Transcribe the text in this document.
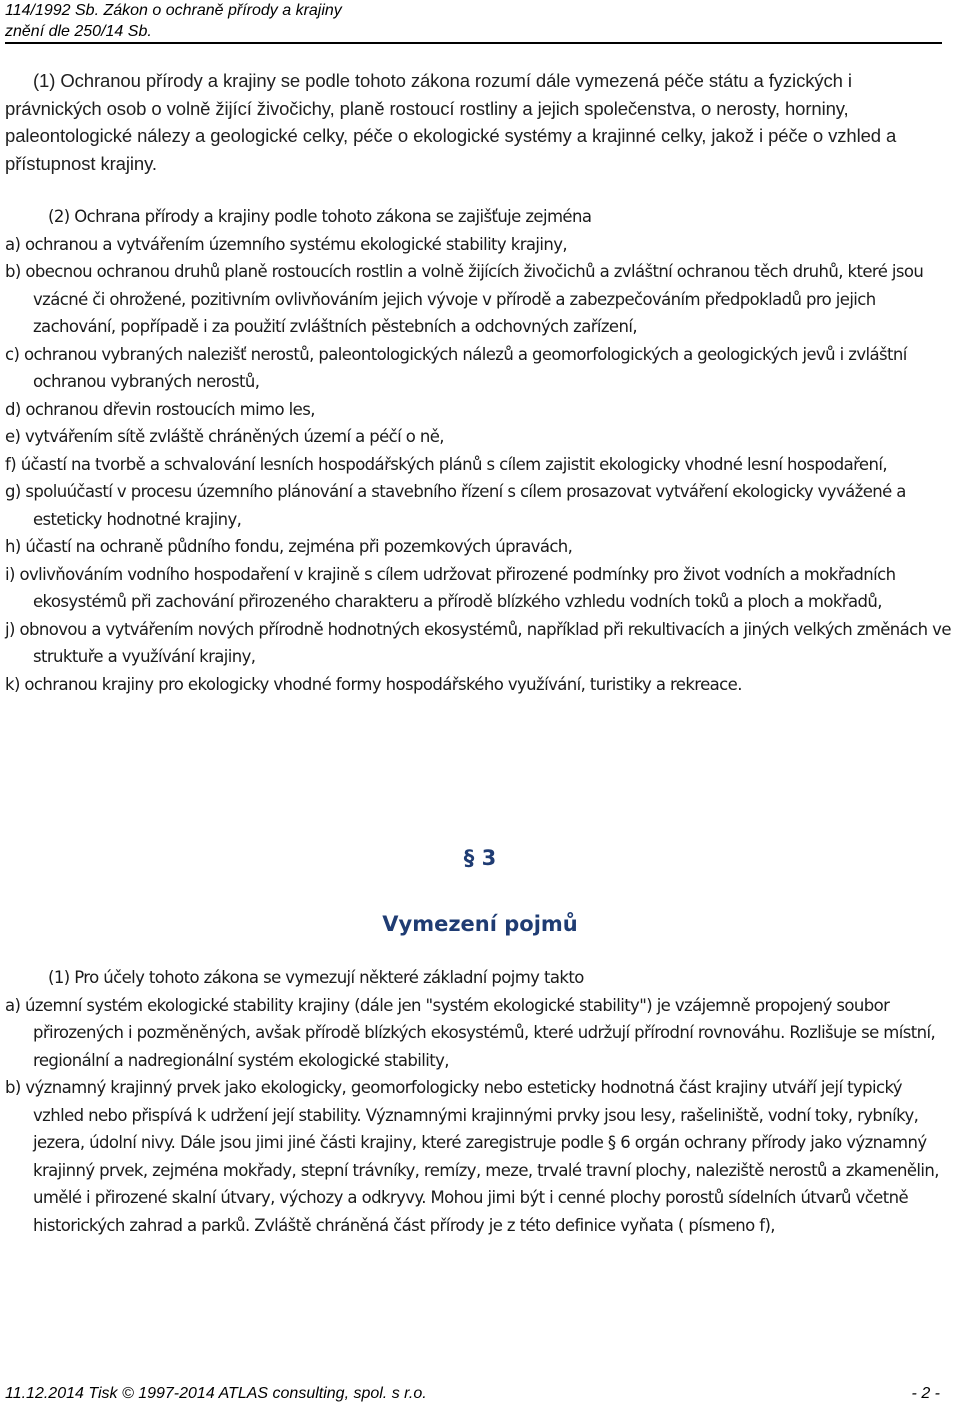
114/1992 Sb. Zákon o ochraně přírody a krajiny
znění dle 250/14 Sb.
(1) Ochranou přírody a krajiny se podle tohoto zákona rozumí dále vymezená péče státu a fyzických i právnických osob o volně žijící živočichy, planě rostoucí rostliny a jejich společenstva, o nerosty, horniny, paleontologické nálezy a geologické celky, péče o ekologické systémy a krajinné celky, jakož i péče o vzhled a přístupnost krajiny.
(2) Ochrana přírody a krajiny podle tohoto zákona se zajišťuje zejména
a) ochranou a vytvářením územního systému ekologické stability krajiny,
b) obecnou ochranou druhů planě rostoucích rostlin a volně žijících živočichů a zvláštní ochranou těch druhů, které jsou vzácné či ohrožené, pozitivním ovlivňováním jejich vývoje v přírodě a zabezpečováním předpokladů pro jejich zachování, popřípadě i za použití zvláštních pěstebních a odchovných zařízení,
c) ochranou vybraných nalezišť nerostů, paleontologických nálezů a geomorfologických a geologických jevů i zvláštní ochranou vybraných nerostů,
d) ochranou dřevin rostoucích mimo les,
e) vytvářením sítě zvláště chráněných území a péčí o ně,
f) účastí na tvorbě a schvalování lesních hospodářských plánů s cílem zajistit ekologicky vhodné lesní hospodaření,
g) spoluúčastí v procesu územního plánování a stavebního řízení s cílem prosazovat vytváření ekologicky vyvážené a esteticky hodnotné krajiny,
h) účastí na ochraně půdního fondu, zejména při pozemkových úpravách,
i) ovlivňováním vodního hospodaření v krajině s cílem udržovat přirozené podmínky pro život vodních a mokřadních ekosystémů při zachování přirozeného charakteru a přírodě blízkého vzhledu vodních toků a ploch a mokřadů,
j) obnovou a vytvářením nových přírodně hodnotných ekosystémů, například při rekultivacích a jiných velkých změnách ve struktuře a využívání krajiny,
k) ochranou krajiny pro ekologicky vhodné formy hospodářského využívání, turistiky a rekreace.
§ 3
Vymezení pojmů
(1) Pro účely tohoto zákona se vymezují některé základní pojmy takto
a) územní systém ekologické stability krajiny (dále jen "systém ekologické stability") je vzájemně propojený soubor přirozených i pozměněných, avšak přírodě blízkých ekosystémů, které udržují přírodní rovnováhu. Rozlišuje se místní, regionální a nadregionální systém ekologické stability,
b) významný krajinný prvek jako ekologicky, geomorfologicky nebo esteticky hodnotná část krajiny utváří její typický vzhled nebo přispívá k udržení její stability. Významnými krajinnými prvky jsou lesy, rašeliniště, vodní toky, rybníky, jezera, údolní nivy. Dále jsou jimi jiné části krajiny, které zaregistruje podle § 6 orgán ochrany přírody jako významný krajinný prvek, zejména mokřady, stepní trávníky, remízy, meze, trvalé travní plochy, naleziště nerostů a zkamenělin, umělé i přirozené skalní útvary, výchozy a odkryvy. Mohou jimi být i cenné plochy porostů sídelních útvarů včetně historických zahrad a parků. Zvláště chráněná část přírody je z této definice vyňata ( písmeno f),
11.12.2014 Tisk © 1997-2014 ATLAS consulting, spol. s r.o.	- 2 -
